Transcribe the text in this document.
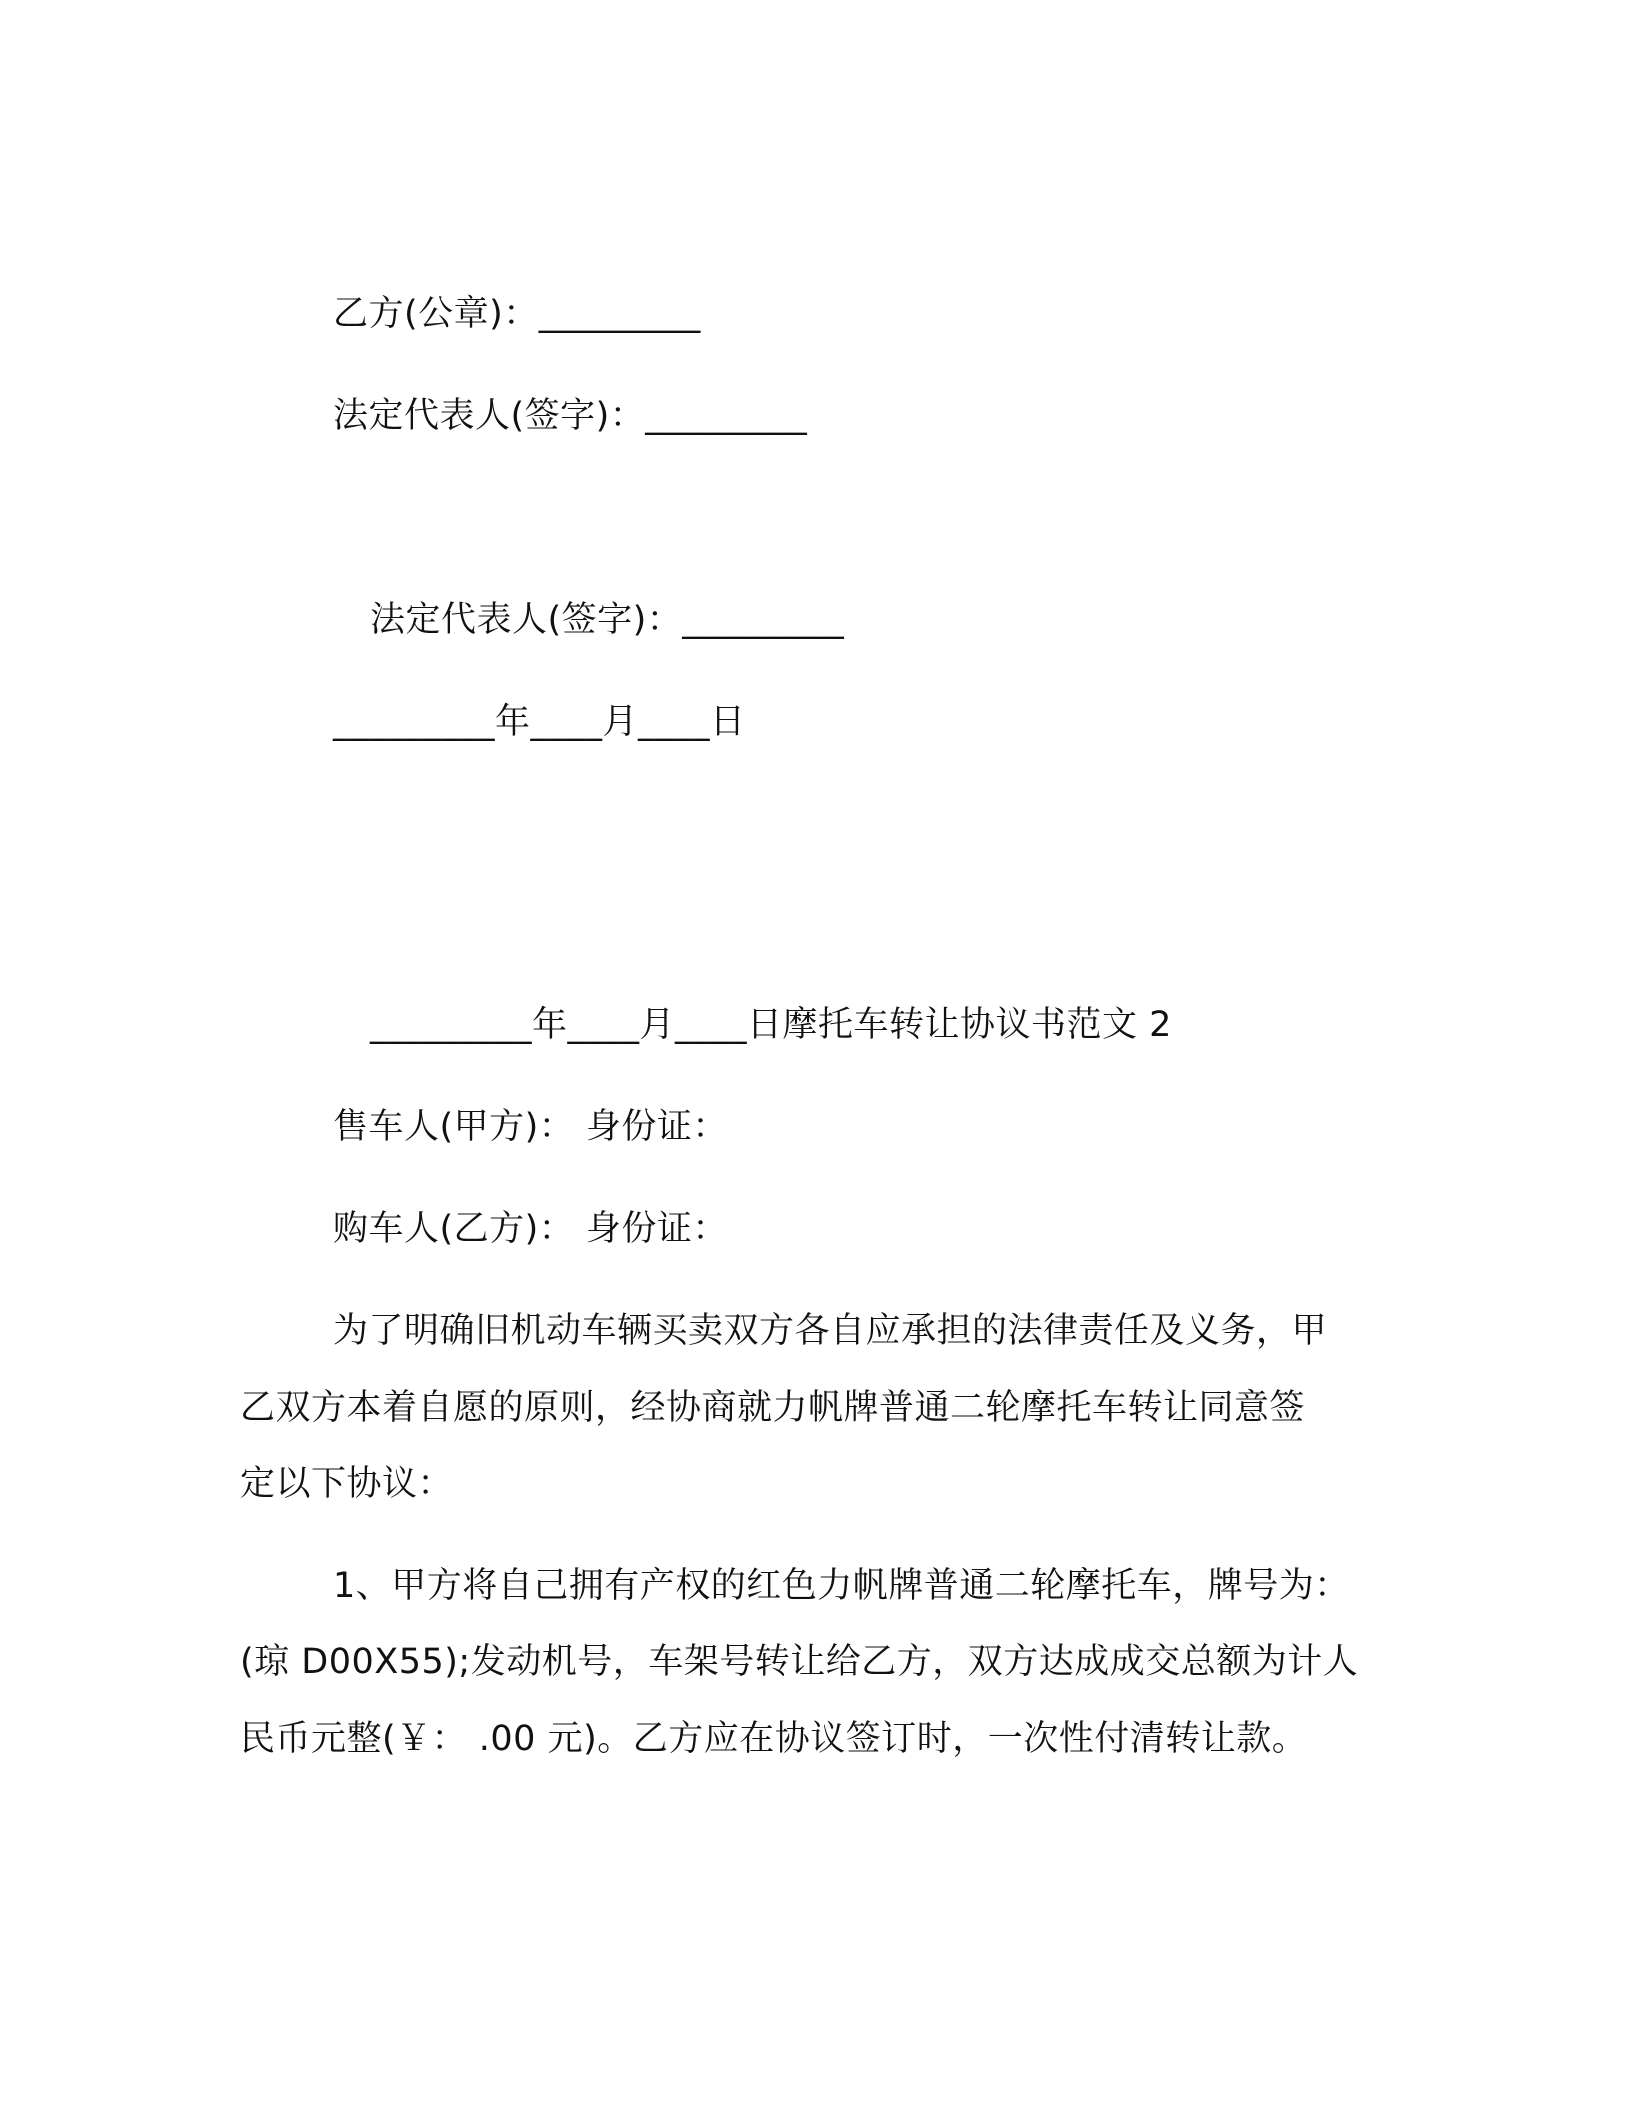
乙方(公章)：_________
法定代表人(签字)：_________
法定代表人(签字)：_________
_________年____月____日
_________年____月____日摩托车转让协议书范文 2
售车人(甲方)： 身份证：
购车人(乙方)： 身份证：
为了明确旧机动车辆买卖双方各自应承担的法律责任及义务，甲
乙双方本着自愿的原则，经协商就力帆牌普通二轮摩托车转让同意签
定以下协议：
1、甲方将自己拥有产权的红色力帆牌普通二轮摩托车，牌号为：
(琼 D00X55);发动机号，车架号转让给乙方，双方达成成交总额为计人
民币元整(￥： .00 元)。乙方应在协议签订时，一次性付清转让款。
